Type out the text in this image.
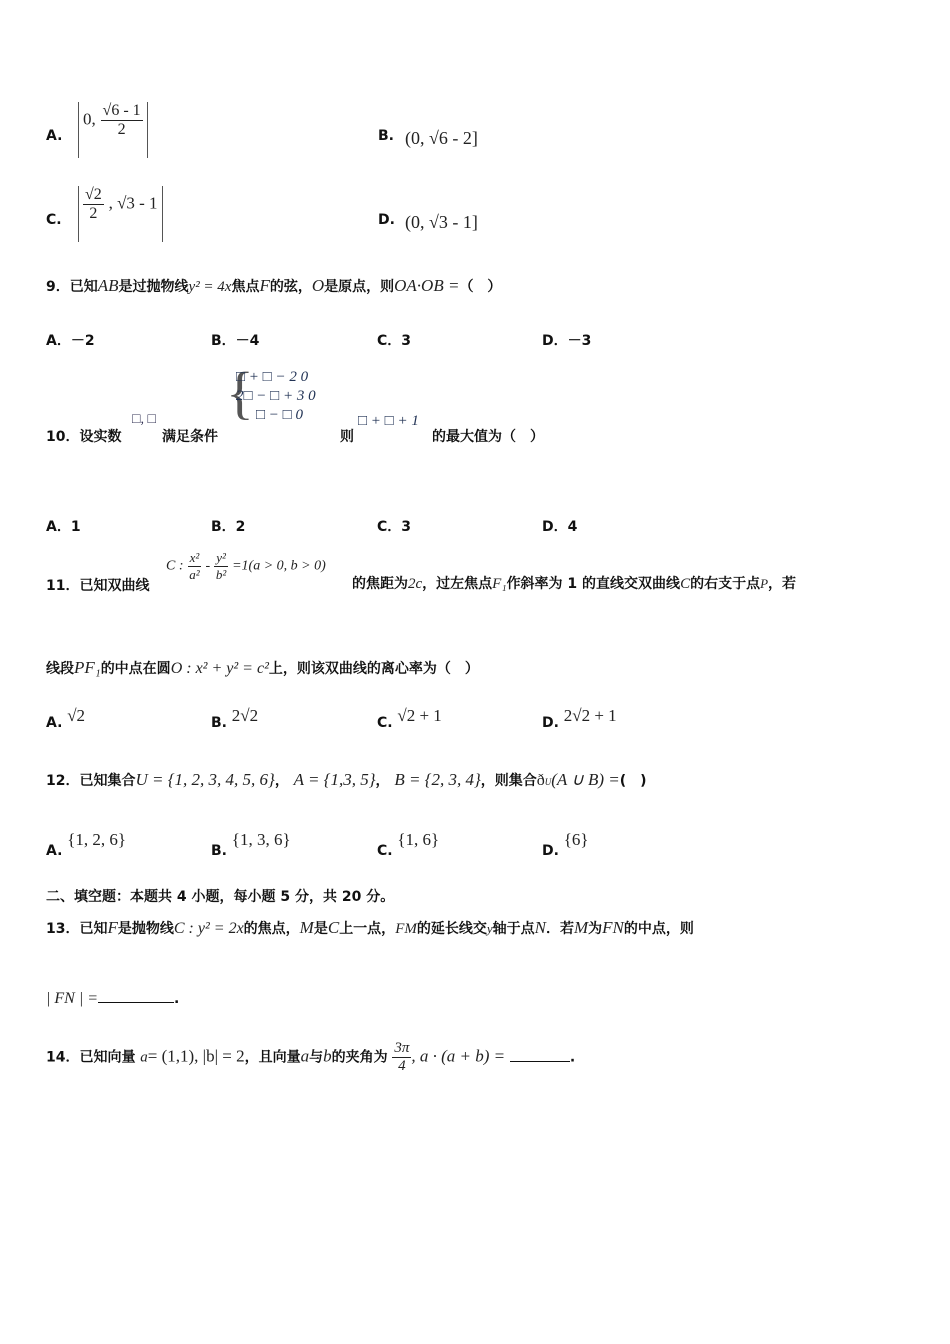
A.
0, $\frac{√6 - 1}{2}$	B. (0, √6 - 2]
C. $\frac{√2}{2}$ , √3 - 1
D. (0, √3 - 1]
9．已知AB是过抛物线y² = 4x焦点F的弦，O是原点，则OA·OB =（　）
A．－2	B．－4	C．3	D．－3
10．设实数
□, □
满足条件
{
□ + □ − 2 0
2□ − □ + 3 0
□ − □ 0
则
□ + □ + 1
的最大值为（　）
A．1	B．2	C．3	D．4
11．已知双曲线
C : $\frac{\text{x²}}{\text{a²}} - \frac{\text{y²}}{\text{b²}} =1(a > 0$, b > 0)
的焦距为2c，过左焦点F₁作斜率为 1 的直线交双曲线C的右支于点P，若
线段PF₁的中点在圆O : x² + y² = c²上，则该双曲线的离心率为（　）
A. √2	B. 2√2	C. √2 + 1	D. 2√2 + 1
12．已知集合U = {1, 2, 3, 4, 5, 6}， A = {1,3, 5}， B = {2, 3, 4}，则集合ðU(A ∪ B) =(　)
A. {1, 2, 6}
B. {1, 3, 6}
C. {1, 6}
D. {6}
二、填空题：本题共 4 小题，每小题 5 分，共 20 分。
13．已知F是抛物线C : y² = 2x的焦点，M是C上一点，FM的延长线交y轴于点N．若M为FN的中点，则
| FN | =	.
14．已知向量 a= (1,1), |b| = 2，且向量a与b的夹角为 $\frac{3\pi}{4}$ , a · (a + b) =	.
